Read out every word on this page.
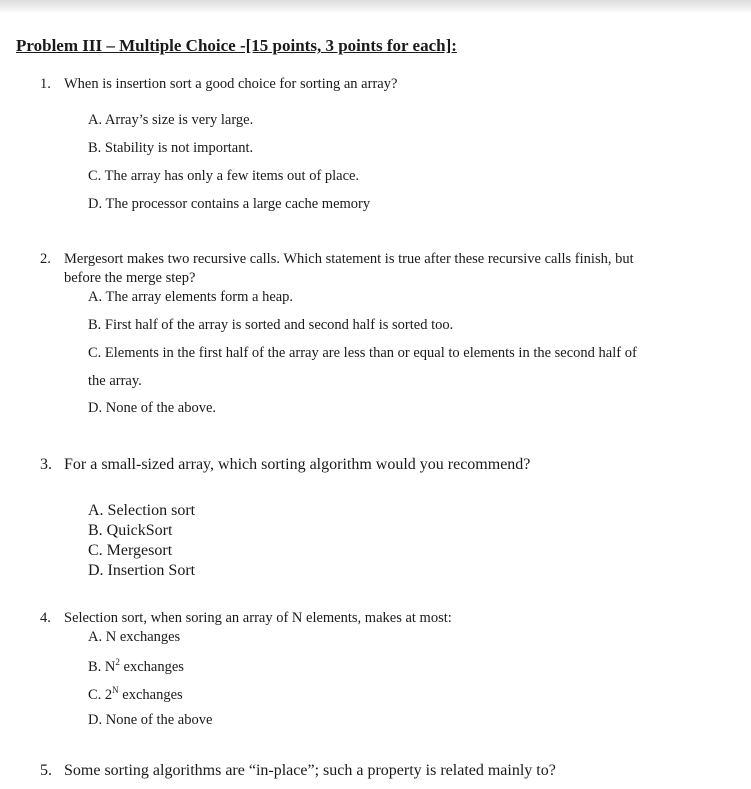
Problem III – Multiple Choice -[15 points, 3 points for each]:
1. When is insertion sort a good choice for sorting an array?
A. Array’s size is very large.
B. Stability is not important.
C. The array has only a few items out of place.
D. The processor contains a large cache memory
2. Mergesort makes two recursive calls. Which statement is true after these recursive calls finish, but
before the merge step?
A. The array elements form a heap.
B. First half of the array is sorted and second half is sorted too.
C. Elements in the first half of the array are less than or equal to elements in the second half of
the array.
D. None of the above.
3. For a small-sized array, which sorting algorithm would you recommend?
A. Selection sort
B. QuickSort
C. Mergesort
D. Insertion Sort
4. Selection sort, when soring an array of N elements, makes at most:
A. N exchanges
B. $N^2$ exchanges
C. $2^N$ exchanges
D. None of the above
5. Some sorting algorithms are “in-place”; such a property is related mainly to?
